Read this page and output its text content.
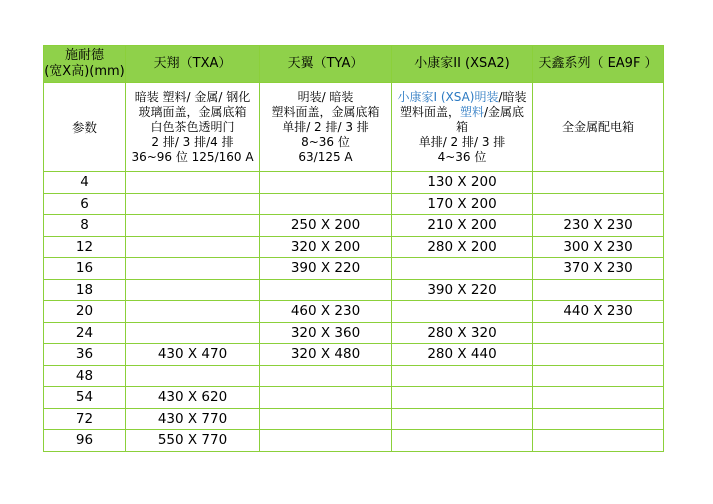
施耐德
(宽X高)(mm)	天翔（TXA）	天翼（TYA）	小康家II (XSA2)	天鑫系列（ EA9F ）
参数	暗装 塑料/ 金属/ 钢化
玻璃面盖，金属底箱
白色茶色透明门
2 排/ 3 排/4 排
36~96 位 125/160 A	明装/ 暗装
塑料面盖，金属底箱
单排/ 2 排/ 3 排
8~36 位
63/125 A	小康家I (XSA)明装/暗装
塑料面盖，塑料/金属底
箱
单排/ 2 排/ 3 排
4~36 位	全金属配电箱
4			130 X 200	
6			170 X 200	
8		250 X 200	210 X 200	230 X 230
12		320 X 200	280 X 200	300 X 230
16		390 X 220		370 X 230
18			390 X 220	
20		460 X 230		440 X 230
24		320 X 360	280 X 320	
36	430 X 470	320 X 480	280 X 440	
48				
54	430 X 620			
72	430 X 770			
96	550 X 770			
